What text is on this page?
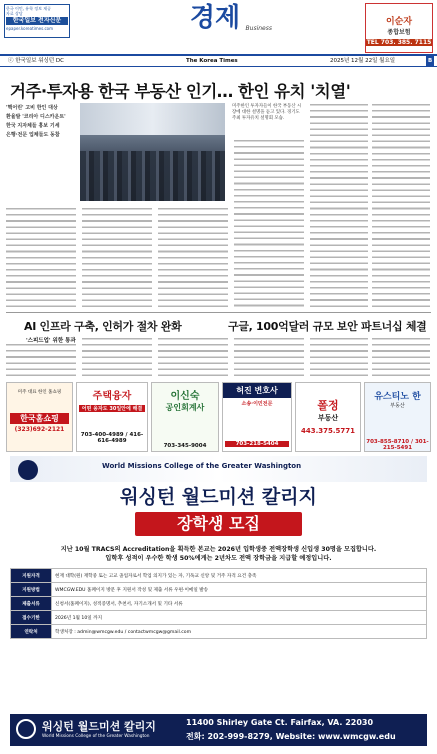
한국 이민, 유학 정보 제공
자료 상담
한국일보 전자신문
epaper.koreatimes.com	경제 Business
이순자
종합보험
TEL 703. 385. 7115
ⓒ 한국일보 워싱턴 DC	The Korea Times	2025년 12월 22일 월요일	B
거주·투자용 한국 부동산 인기… 한인 유치 '치열'
'핵어린' 고비 한인 대상
환율발 '코리아 디스카운트'
한국 지자체들 홍보 기세
은행·전문 업체들도 동참
미주한인 투자자들이 한국 부동산 시장에 대한 설명을 듣고 있다. 경기도 주최 투자유치 설명회 모습.
AI 인프라 구축, 인허가 절차 완화
'스피드업' 위한 통과
구글, 100억달러 규모 보안 파트너십 체결
미주 대표 한인 홈쇼핑
한국홈쇼핑
(323)692-2121
주택융자
어떤 융자도 30일안에 해결
703-400-4989 / 416-616-4989
이신숙
공인회계사
703-345-9004
허진 변호사
소송·이민전문
703-218-5404
폴정
부동산
443.375.5771
유스티노 한
부동산
703-855-8710 / 301-215-5491
World Missions College of the Greater Washington
워싱턴 월드미션 칼리지
장학생 모집
지난 10월 TRACS의 Accreditation을 획득한 본교는 2026년 입학생중 전액장학생 신입생 30명을 모집합니다.
입학후 성적이 우수한 학생 50%에게는 2년차도 전액 장학금을 지급할 예정입니다.
지원자격	현재 대학(원) 재학중 또는 고교 졸업자로서 학업 의지가 있는 자, 기독교 신앙 및 거주 자격 요건 충족
지원방법	WMCGW.EDU 홈페이지 방문 후 지원서 작성 및 제출 서류 우편·이메일 발송
제출서류	신청서(홈페이지), 성적증명서, 추천서, 자기소개서 및 기타 서류
접수기한	2026년 1월 10일 까지
연락처	학생처장 : admin@wmcgw.edu / contactwmcgw@gmail.com
워싱턴 월드미션 칼리지
World Missions College of the Greater Washington
11400 Shirley Gate Ct. Fairfax, VA. 22030
전화: 202-999-8279, Website: www.wmcgw.edu
